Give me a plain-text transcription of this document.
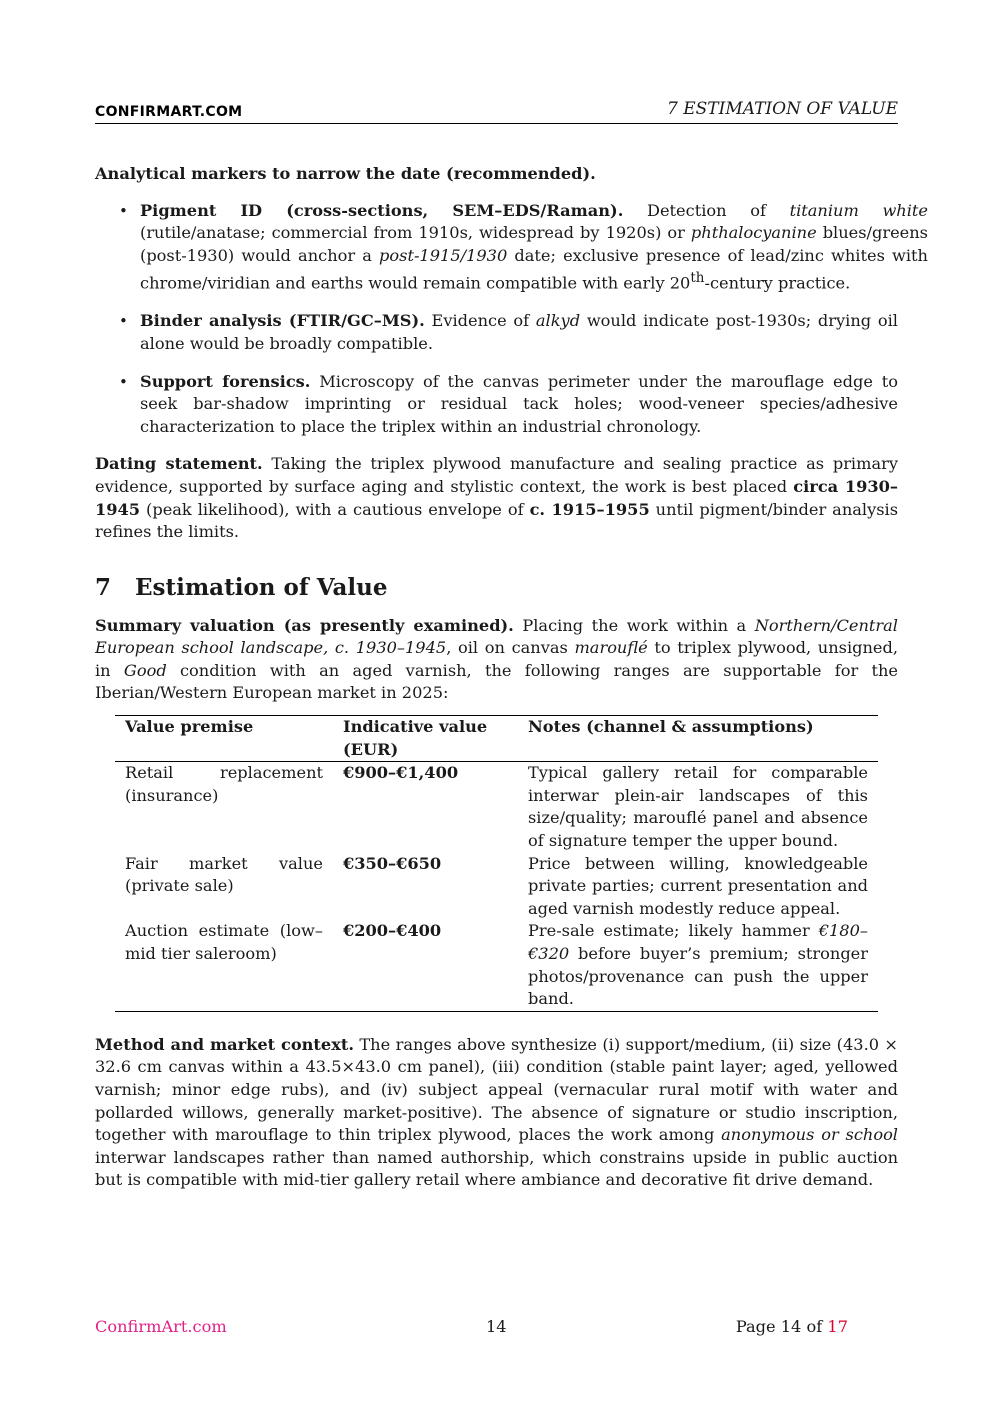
CONFIRMART.COM	7 ESTIMATION OF VALUE

Analytical markers to narrow the date (recommended).

• Pigment ID (cross-sections, SEM–EDS/Raman). Detection of titanium white (rutile/anatase; commercial from 1910s, widespread by 1920s) or phthalocyanine blues/greens (post-1930) would anchor a post-1915/1930 date; exclusive presence of lead/zinc whites with chrome/viridian and earths would remain compatible with early 20th-century practice.
• Binder analysis (FTIR/GC–MS). Evidence of alkyd would indicate post-1930s; drying oil alone would be broadly compatible.
• Support forensics. Microscopy of the canvas perimeter under the marouflage edge to seek bar-shadow imprinting or residual tack holes; wood-veneer species/adhesive characterization to place the triplex within an industrial chronology.

Dating statement. Taking the triplex plywood manufacture and sealing practice as primary evidence, supported by surface aging and stylistic context, the work is best placed circa 1930–1945 (peak likelihood), with a cautious envelope of c. 1915–1955 until pigment/binder analysis refines the limits.

7 Estimation of Value

Summary valuation (as presently examined). Placing the work within a Northern/Central European school landscape, c. 1930–1945, oil on canvas marouflé to triplex plywood, unsigned, in Good condition with an aged varnish, the following ranges are supportable for the Iberian/Western European market in 2025:

Value premise	Indicative value (EUR)	Notes (channel & assumptions)
Retail replacement (insurance)	€900–€1,400	Typical gallery retail for comparable interwar plein-air landscapes of this size/quality; marouflé panel and absence of signature temper the upper bound.
Fair market value (private sale)	€350–€650	Price between willing, knowledgeable private parties; current presentation and aged varnish modestly reduce appeal.
Auction estimate (low–mid tier saleroom)	€200–€400	Pre-sale estimate; likely hammer €180–€320 before buyer’s premium; stronger photos/provenance can push the upper band.

Method and market context. The ranges above synthesize (i) support/medium, (ii) size (43.0 × 32.6 cm canvas within a 43.5×43.0 cm panel), (iii) condition (stable paint layer; aged, yellowed varnish; minor edge rubs), and (iv) subject appeal (vernacular rural motif with water and pollarded willows, generally market-positive). The absence of signature or studio inscription, together with marouflage to thin triplex plywood, places the work among anonymous or school interwar landscapes rather than named authorship, which constrains upside in public auction but is compatible with mid-tier gallery retail where ambiance and decorative fit drive demand.

ConfirmArt.com	14	Page 14 of 17
